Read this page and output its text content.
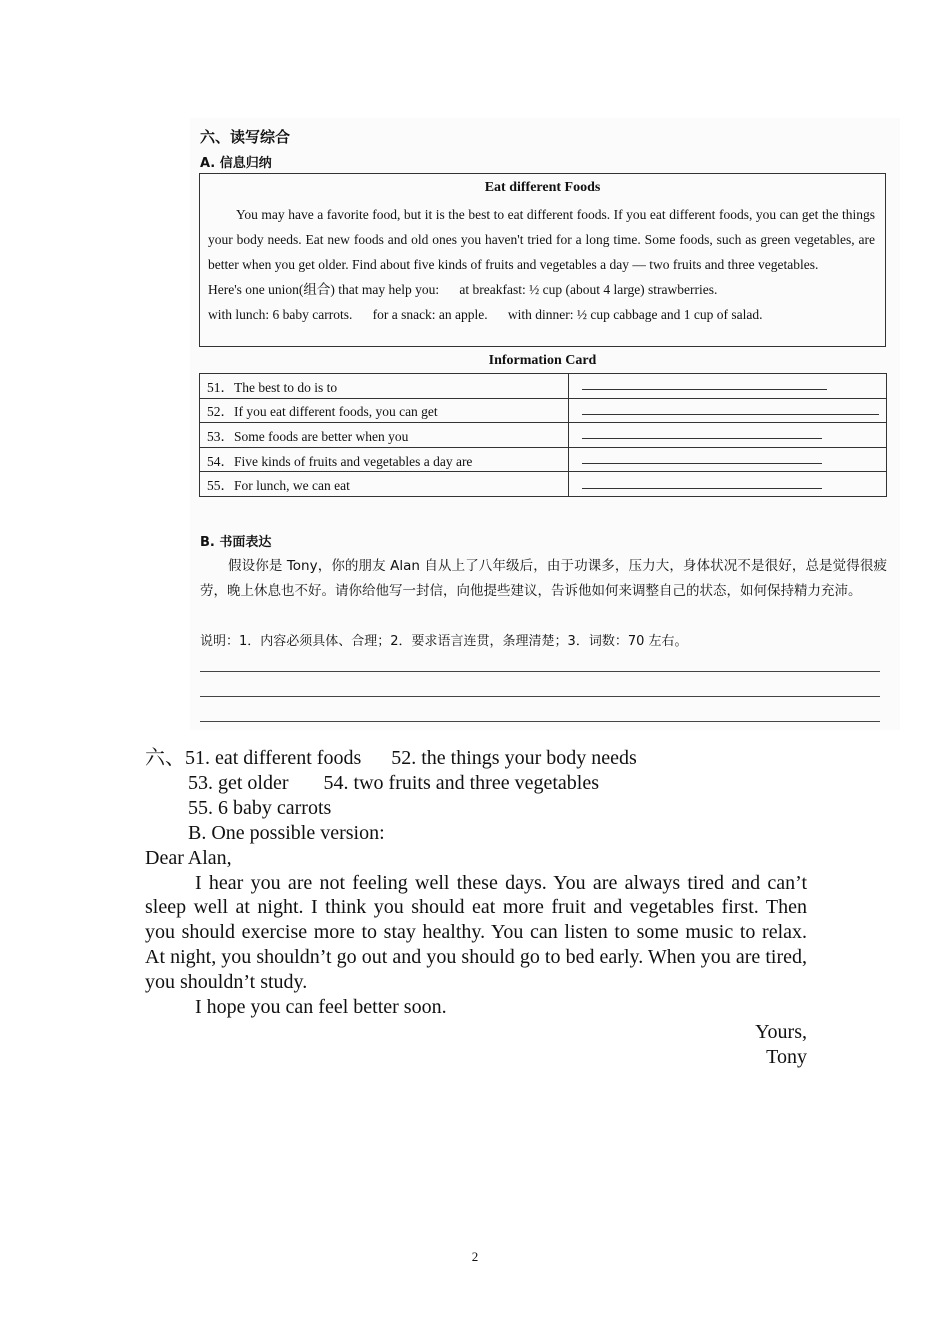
六、读写综合
A. 信息归纳
Eat different Foods

You may have a favorite food, but it is the best to eat different foods. If you eat different foods, you can get the things your body needs. Eat new foods and old ones you haven't tried for a long time. Some foods, such as green vegetables, are better when you get older. Find about five kinds of fruits and vegetables a day — two fruits and three vegetables.

Here's one union(组合) that may help you:      at breakfast: ½ cup (about 4 large) strawberries.

with lunch: 6 baby carrots.      for a snack: an apple.      with dinner: ½ cup cabbage and 1 cup of salad.

Information Card
51．The best to do is to	
52．If you eat different foods, you can get	
53．Some foods are better when you	
54．Five kinds of fruits and vegetables a day are	
55．For lunch, we can eat	
B. 书面表达

假设你是 Tony，你的朋友 Alan 自从上了八年级后，由于功课多，压力大，身体状况不是很好，总是觉得很疲劳，晚上休息也不好。请你给他写一封信，向他提些建议，告诉他如何来调整自己的状态，如何保持精力充沛。

说明：1．内容必须具体、合理；2．要求语言连贯，条理清楚；3．词数：70 左右。
六、51. eat different foods      52. the things your body needs
53. get older       54. two fruits and three vegetables
55. 6 baby carrots
B. One possible version:
Dear Alan,
I hear you are not feeling well these days. You are always tired and can’t sleep well at night. I think you should eat more fruit and vegetables first. Then you should exercise more to stay healthy. You can listen to some music to relax. At night, you shouldn’t go out and you should go to bed early. When you are tired, you shouldn’t study.
I hope you can feel better soon.
Yours,
Tony
2
